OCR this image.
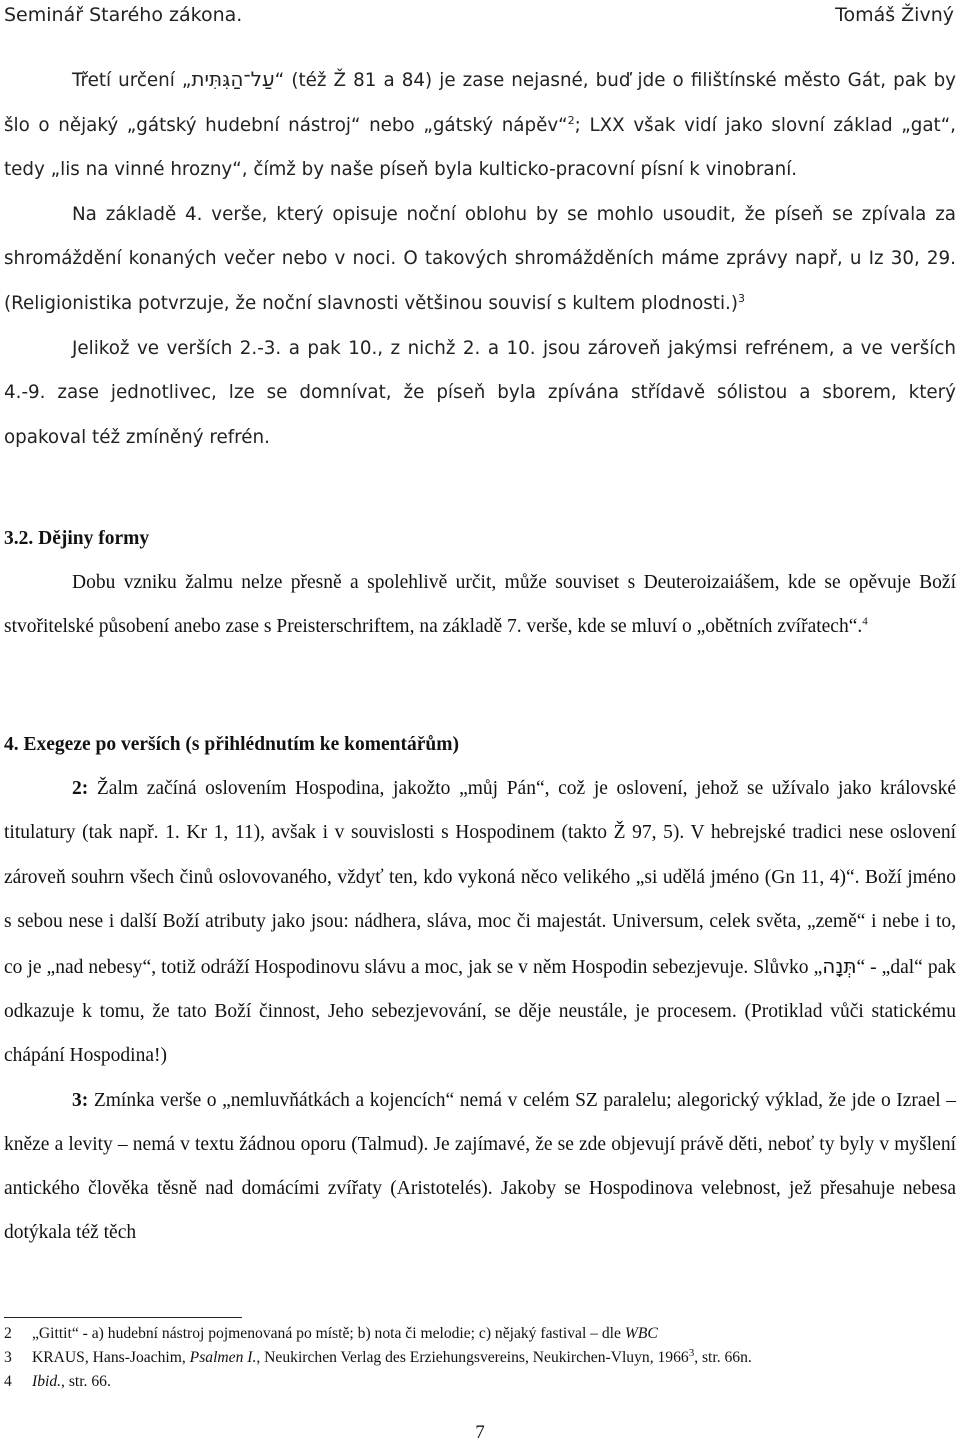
Seminář Starého zákona.	Tomáš Živný

Třetí určení „עַל־הַגִּתִּית“ (též Ž 81 a 84) je zase nejasné, buď jde o filištínské město Gát, pak by šlo o nějaký „gátský hudební nástroj“ nebo „gátský nápěv“$^2$; LXX však vidí jako slovní základ „gat“, tedy „lis na vinné hrozny“, čímž by naše píseň byla kulticko-pracovní písní k vinobraní.

Na základě 4. verše, který opisuje noční oblohu by se mohlo usoudit, že píseň se zpívala za shromáždění konaných večer nebo v noci. O takových shromážděních máme zprávy např, u Iz 30, 29. (Religionistika potvrzuje, že noční slavnosti většinou souvisí s kultem plodnosti.)$^3$

Jelikož ve verších 2.-3. a pak 10., z nichž 2. a 10. jsou zároveň jakýmsi refrénem, a ve verších 4.-9. zase jednotlivec, lze se domnívat, že píseň byla zpívána střídavě sólistou a sborem, který opakoval též zmíněný refrén.

3.2. Dějiny formy

Dobu vzniku žalmu nelze přesně a spolehlivě určit, může souviset s Deuteroizaiášem, kde se opěvuje Boží stvořitelské působení anebo zase s Preisterschriftem, na základě 7. verše, kde se mluví o „obětních zvířatech“.$^4$

4. Exegeze po verších (s přihlédnutím ke komentářům)

2: Žalm začíná oslovením Hospodina, jakožto „můj Pán“, což je oslovení, jehož se užívalo jako královské titulatury (tak např. 1. Kr 1, 11), avšak i v souvislosti s Hospodinem (takto Ž 97, 5). V hebrejské tradici nese oslovení zároveň souhrn všech činů oslovovaného, vždyť ten, kdo vykoná něco velikého „si udělá jméno (Gn 11, 4)“. Boží jméno s sebou nese i další Boží atributy jako jsou: nádhera, sláva, moc či majestát. Universum, celek světa, „země“ i nebe i to, co je „nad nebesy“, totiž odráží Hospodinovu slávu a moc, jak se v něm Hospodin sebezjevuje. Slůvko „תְּנָה“ - „dal“ pak odkazuje k tomu, že tato Boží činnost, Jeho sebezjevování, se děje neustále, je procesem. (Protiklad vůči statickému chápání Hospodina!)

3: Zmínka verše o „nemluvňátkách a kojencích“ nemá v celém SZ paralelu; alegorický výklad, že jde o Izrael – kněze a levity – nemá v textu žádnou oporu (Talmud). Je zajímavé, že se zde objevují právě děti, neboť ty byly v myšlení antického člověka těsně nad domácími zvířaty (Aristotelés). Jakoby se Hospodinova velebnost, jež přesahuje nebesa dotýkala též těch

2	„Gittit“ - a) hudební nástroj pojmenovaná po místě; b) nota či melodie; c) nějaký fastival – dle WBC
3	KRAUS, Hans-Joachim, Psalmen I., Neukirchen Verlag des Erziehungsvereins, Neukirchen-Vluyn, 1966$^3$, str. 66n.
4	Ibid., str. 66.
7
